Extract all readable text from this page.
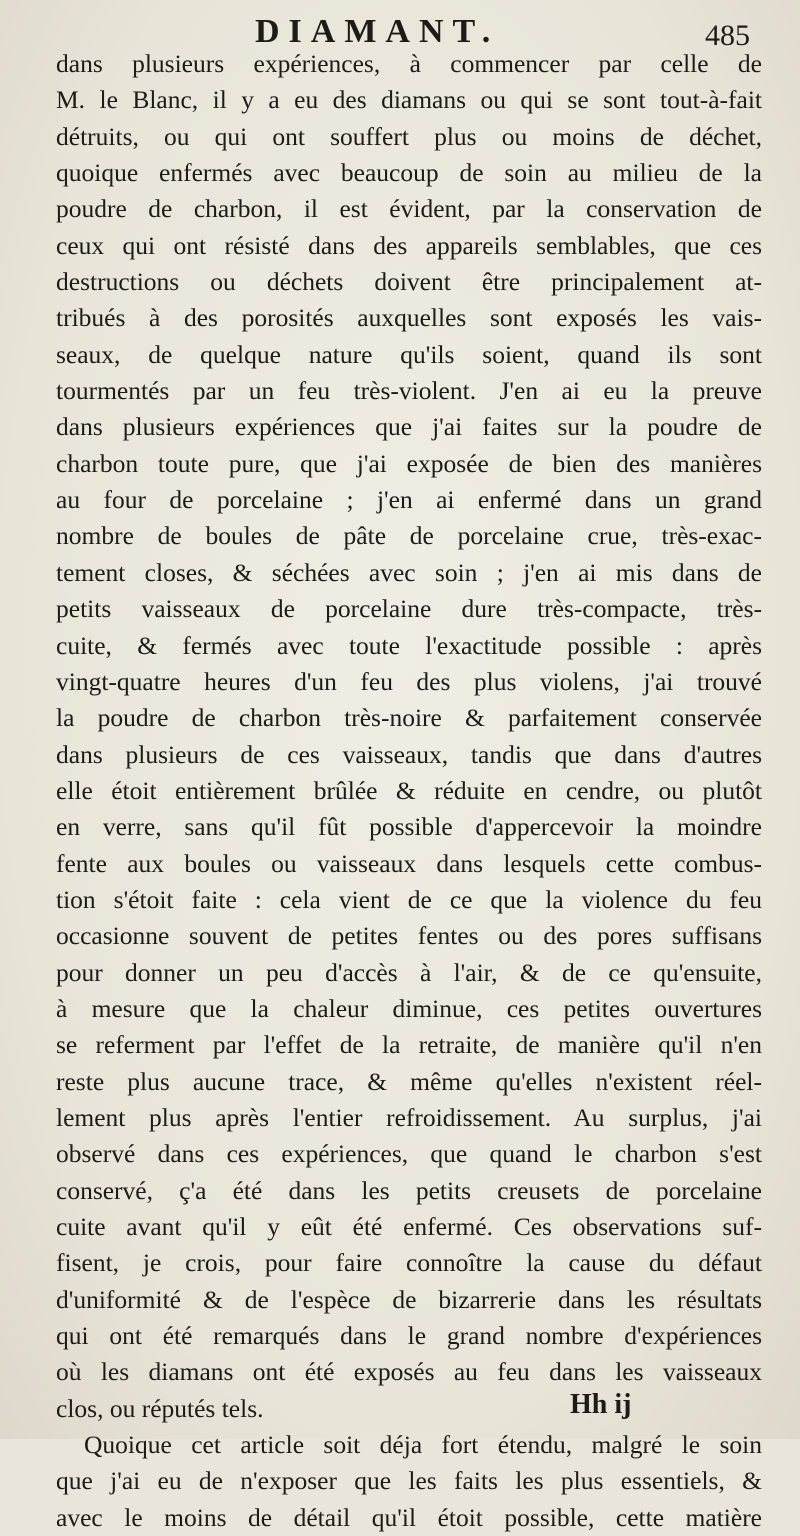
DIAMANT.	485
dans plusieurs expériences, à commencer par celle de
M. le Blanc, il y a eu des diamans ou qui se sont tout-à-fait
détruits, ou qui ont souffert plus ou moins de déchet,
quoique enfermés avec beaucoup de soin au milieu de la
poudre de charbon, il est évident, par la conservation de
ceux qui ont résisté dans des appareils semblables, que ces
destructions ou déchets doivent être principalement at-
tribués à des porosités auxquelles sont exposés les vais-
seaux, de quelque nature qu'ils soient, quand ils sont
tourmentés par un feu très-violent. J'en ai eu la preuve
dans plusieurs expériences que j'ai faites sur la poudre de
charbon toute pure, que j'ai exposée de bien des manières
au four de porcelaine ; j'en ai enfermé dans un grand
nombre de boules de pâte de porcelaine crue, très-exac-
tement closes, & séchées avec soin ; j'en ai mis dans de
petits vaisseaux de porcelaine dure très-compacte, très-
cuite, & fermés avec toute l'exactitude possible : après
vingt-quatre heures d'un feu des plus violens, j'ai trouvé
la poudre de charbon très-noire & parfaitement conservée
dans plusieurs de ces vaisseaux, tandis que dans d'autres
elle étoit entièrement brûlée & réduite en cendre, ou plutôt
en verre, sans qu'il fût possible d'appercevoir la moindre
fente aux boules ou vaisseaux dans lesquels cette combus-
tion s'étoit faite : cela vient de ce que la violence du feu
occasionne souvent de petites fentes ou des pores suffisans
pour donner un peu d'accès à l'air, & de ce qu'ensuite,
à mesure que la chaleur diminue, ces petites ouvertures
se referment par l'effet de la retraite, de manière qu'il n'en
reste plus aucune trace, & même qu'elles n'existent réel-
lement plus après l'entier refroidissement. Au surplus, j'ai
observé dans ces expériences, que quand le charbon s'est
conservé, ç'a été dans les petits creusets de porcelaine
cuite avant qu'il y eût été enfermé. Ces observations suf-
fisent, je crois, pour faire connoître la cause du défaut
d'uniformité & de l'espèce de bizarrerie dans les résultats
qui ont été remarqués dans le grand nombre d'expériences
où les diamans ont été exposés au feu dans les vaisseaux
clos, ou réputés tels.
Quoique cet article soit déja fort étendu, malgré le soin
que j'ai eu de n'exposer que les faits les plus essentiels, &
avec le moins de détail qu'il étoit possible, cette matière
Hh ij
